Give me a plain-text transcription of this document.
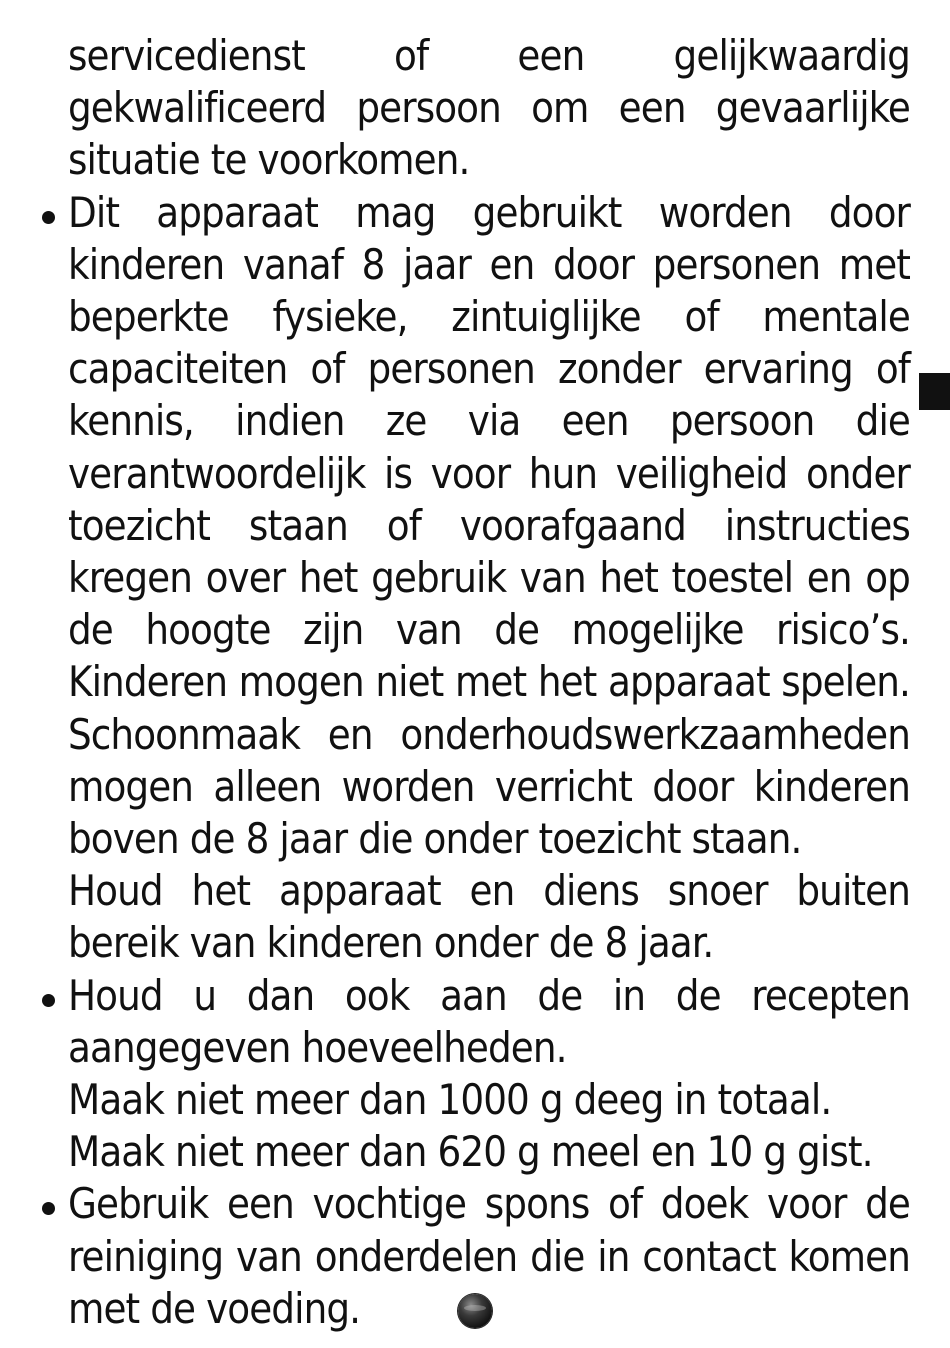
servicedienst of een gelijkwaardig gekwalificeerd persoon om een gevaarlijke situatie te voorkomen.
Dit apparaat mag gebruikt worden door kinderen vanaf 8 jaar en door personen met beperkte fysieke, zintuiglijke of mentale capaciteiten of personen zonder ervaring of kennis, indien ze via een persoon die verantwoordelijk is voor hun veiligheid onder toezicht staan of voorafgaand instructies kregen over het gebruik van het toestel en op de hoogte zijn van de mogelijke risico’s. Kinderen mogen niet met het apparaat spelen. Schoonmaak en onderhoudswerkzaamheden mogen alleen worden verricht door kinderen boven de 8 jaar die onder toezicht staan.
Houd het apparaat en diens snoer buiten bereik van kinderen onder de 8 jaar.
Houd u dan ook aan de in de recepten aangegeven hoeveelheden.
Maak niet meer dan 1000 g deeg in totaal.
Maak niet meer dan 620 g meel en 10 g gist.
Gebruik een vochtige spons of doek voor de reiniging van onderdelen die in contact komen met de voeding.
